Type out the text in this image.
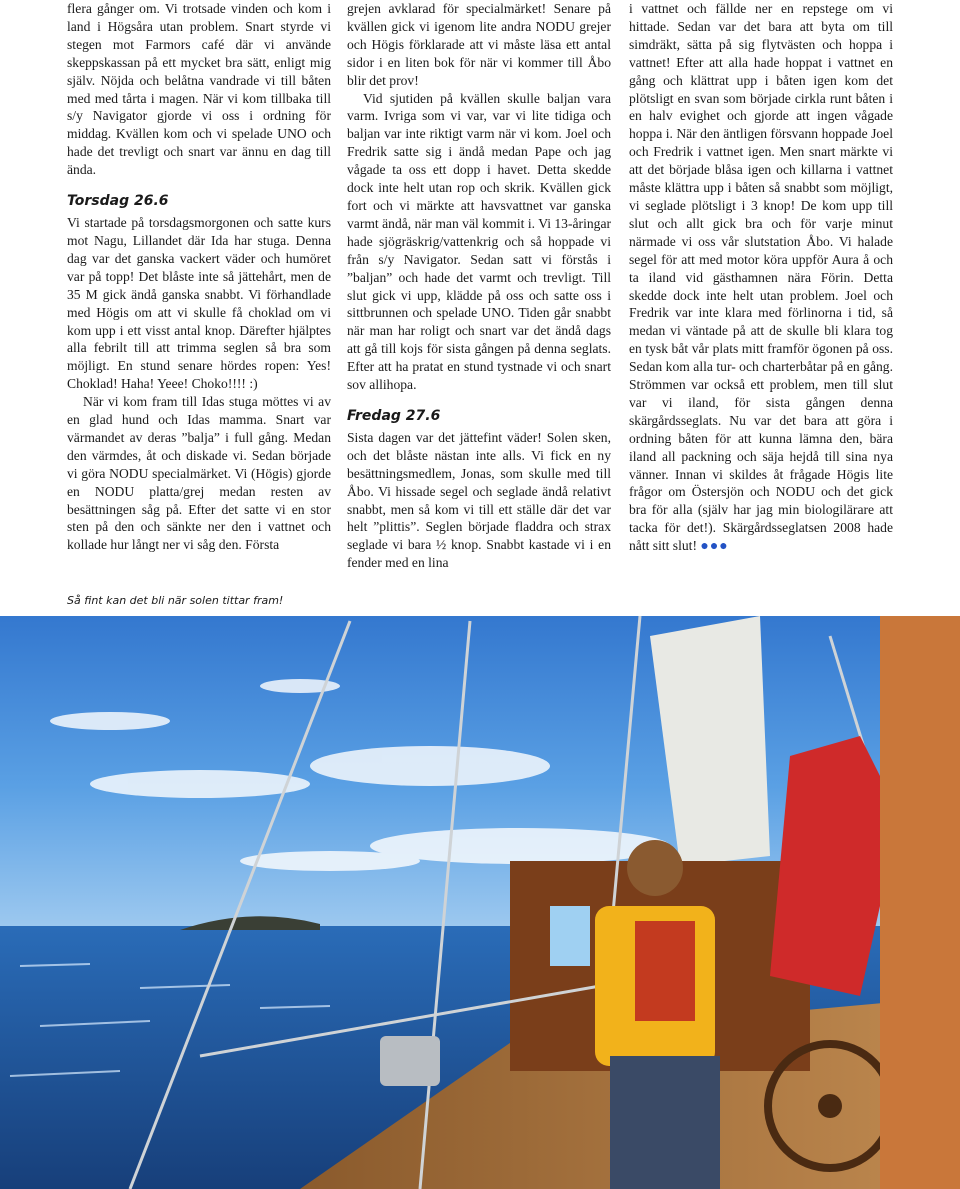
flera gånger om. Vi trotsade vinden och kom i land i Högsåra utan problem. Snart styrde vi stegen mot Farmors café där vi använde skeppskassan på ett mycket bra sätt, enligt mig själv. Nöjda och belåtna vandrade vi till båten med med tårta i magen. När vi kom tillbaka till s/y Navigator gjorde vi oss i ordning för middag. Kvällen kom och vi spelade UNO och hade det trevligt och snart var ännu en dag till ända.

Torsdag 26.6

Vi startade på torsdagsmorgonen och satte kurs mot Nagu, Lillandet där Ida har stuga. Denna dag var det ganska vackert väder och humöret var på topp! Det blåste inte så jättehårt, men de 35 M gick ändå ganska snabbt. Vi förhandlade med Högis om att vi skulle få choklad om vi kom upp i ett visst antal knop. Därefter hjälptes alla febrilt till att trimma seglen så bra som möjligt. En stund senare hördes ropen: Yes! Choklad! Haha! Yeee! Choko!!!! :)

När vi kom fram till Idas stuga möttes vi av en glad hund och Idas mamma. Snart var värmandet av deras ”balja” i full gång. Medan den värmdes, åt och diskade vi. Sedan började vi göra NODU specialmärket. Vi (Högis) gjorde en NODU platta/grej medan resten av besättningen såg på. Efter det satte vi en stor sten på den och sänkte ner den i vattnet och kollade hur långt ner vi såg den. Första

grejen avklarad för specialmärket! Senare på kvällen gick vi igenom lite andra NODU grejer och Högis förklarade att vi måste läsa ett antal sidor i en liten bok för när vi kommer till Åbo blir det prov!

Vid sjutiden på kvällen skulle baljan vara varm. Ivriga som vi var, var vi lite tidiga och baljan var inte riktigt varm när vi kom. Joel och Fredrik satte sig i ändå medan Pape och jag vågade ta oss ett dopp i havet. Detta skedde dock inte helt utan rop och skrik. Kvällen gick fort och vi märkte att havsvattnet var ganska varmt ändå, när man väl kommit i. Vi 13-åringar hade sjögräskrig/vattenkrig och så hoppade vi från s/y Navigator. Sedan satt vi förstås i ”baljan” och hade det varmt och trevligt. Till slut gick vi upp, klädde på oss och satte oss i sittbrunnen och spelade UNO. Tiden går snabbt när man har roligt och snart var det ändå dags att gå till kojs för sista gången på denna seglats. Efter att ha pratat en stund tystnade vi och snart sov allihopa.

Fredag 27.6

Sista dagen var det jättefint väder! Solen sken, och det blåste nästan inte alls. Vi fick en ny besättningsmedlem, Jonas, som skulle med till Åbo. Vi hissade segel och seglade ändå relativt snabbt, men så kom vi till ett ställe där det var helt ”plittis”. Seglen började fladdra och strax seglade vi bara ½ knop. Snabbt kastade vi i en fender med en lina

i vattnet och fällde ner en repstege om vi hittade. Sedan var det bara att byta om till simdräkt, sätta på sig flytvästen och hoppa i vattnet! Efter att alla hade hoppat i vattnet en gång och klättrat upp i båten igen kom det plötsligt en svan som började cirkla runt båten i en halv evighet och gjorde att ingen vågade hoppa i. När den äntligen försvann hoppade Joel och Fredrik i vattnet igen. Men snart märkte vi att det började blåsa igen och killarna i vattnet måste klättra upp i båten så snabbt som möjligt, vi seglade plötsligt i 3 knop! De kom upp till slut och allt gick bra och för varje minut närmade vi oss vår slutstation Åbo. Vi halade segel för att med motor köra uppför Aura å och ta iland vid gästhamnen nära Förin. Detta skedde dock inte helt utan problem. Joel och Fredrik var inte klara med förlinorna i tid, så medan vi väntade på att de skulle bli klara tog en tysk båt vår plats mitt framför ögonen på oss. Sedan kom alla tur- och charterbåtar på en gång. Strömmen var också ett problem, men till slut var vi iland, för sista gången denna skärgårdsseglats. Nu var det bara att göra i ordning båten för att kunna lämna den, bära iland all packning och säja hejdå till sina nya vänner. Innan vi skildes åt frågade Högis lite frågor om Östersjön och NODU och det gick bra för alla (själv har jag min biologilärare att tacka för det!). Skärgårdsseglatsen 2008 hade nått sitt slut! ●●●

Så fint kan det bli när solen tittar fram!
